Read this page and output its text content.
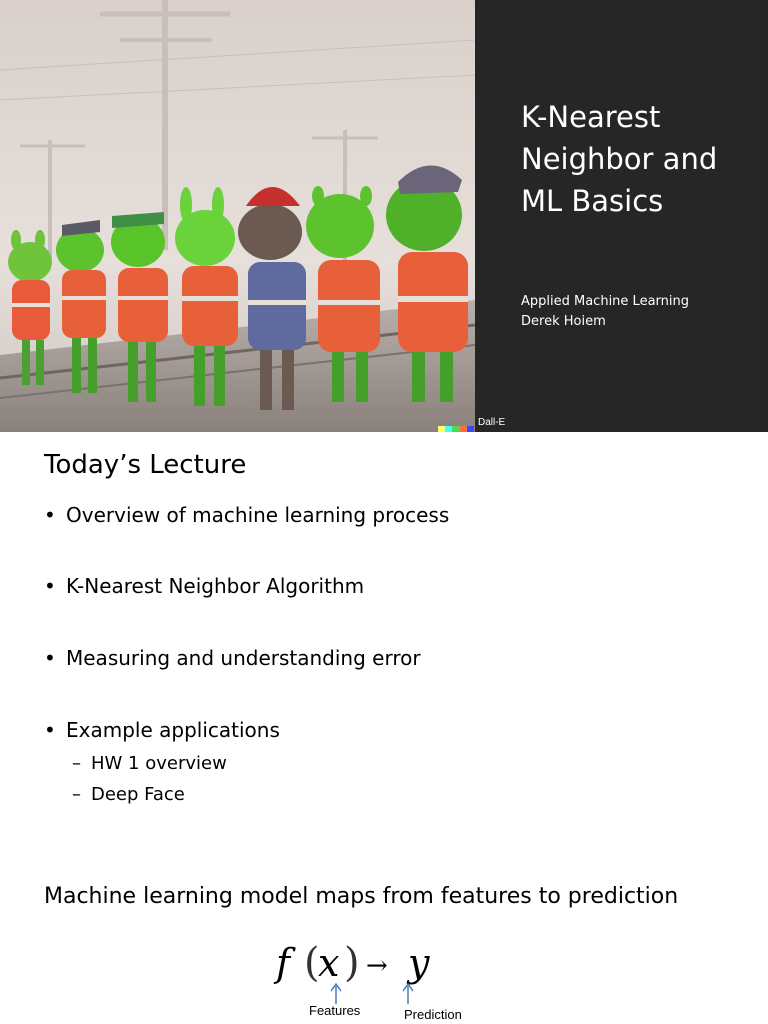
K-Nearest
Neighbor and
ML Basics
Applied Machine Learning
Derek Hoiem
Dall-E
Today’s Lecture
• Overview of machine learning process
• K-Nearest Neighbor Algorithm
• Measuring and understanding error
• Example applications
– HW 1 overview
– Deep Face
Machine learning model maps from features to prediction
f (
x ) → y
Features	Prediction
